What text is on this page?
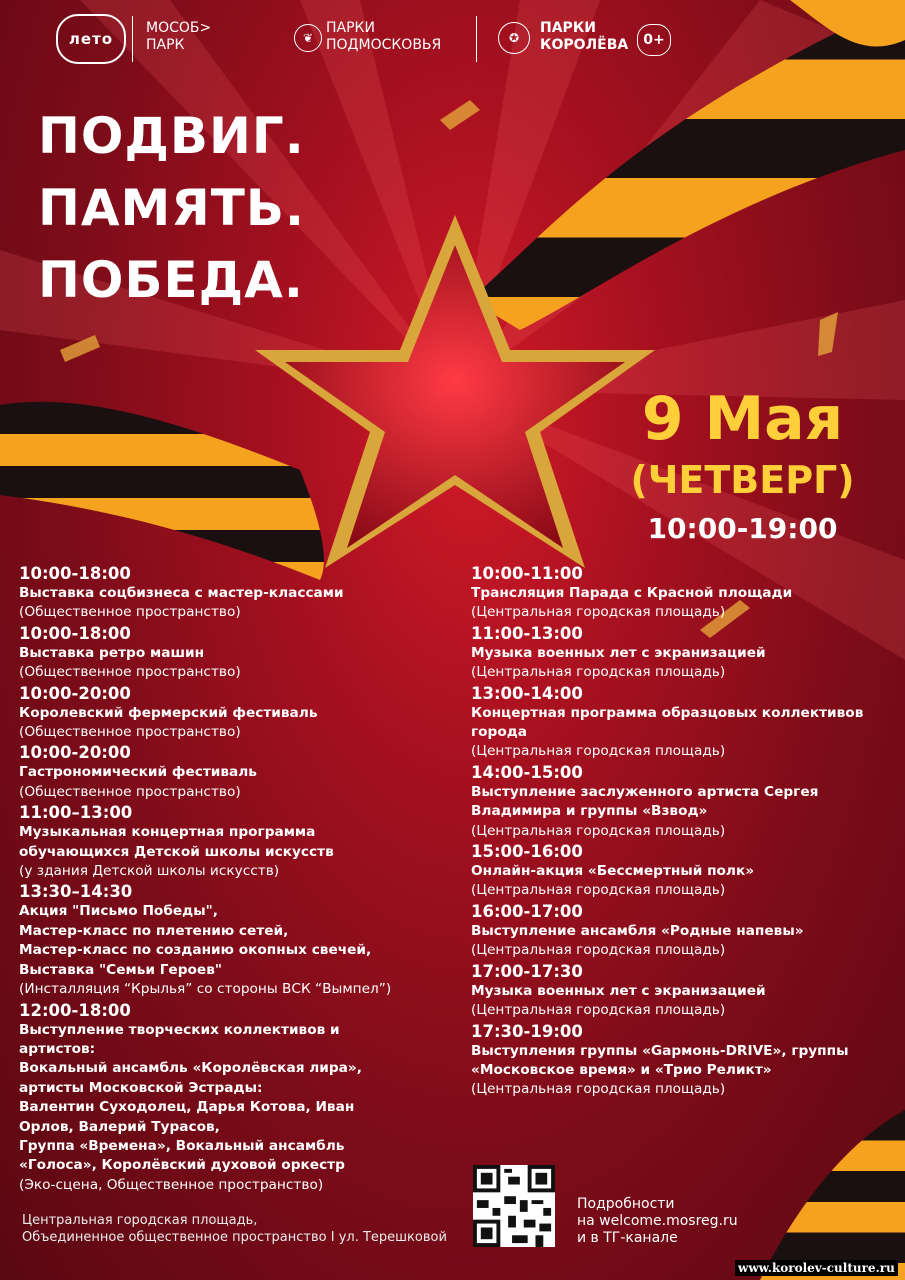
лето
МОСОБ>
ПАРК	❦
ПАРКИ
ПОДМОСКОВЬЯ	✪
ПАРКИ
КОРОЛЁВА	0+
ПОДВИГ.
ПАМЯТЬ.
ПОБЕДА.
9 Мая
(ЧЕТВЕРГ)
10:00-19:00
10:00-18:00
Выставка соцбизнеса с мастер-классами
(Общественное пространство)
10:00-18:00
Выставка ретро машин
(Общественное пространство)
10:00-20:00
Королевский фермерский фестиваль
(Общественное пространство)
10:00-20:00
Гастрономический фестиваль
(Общественное пространство)
11:00–13:00
Музыкальная концертная программа
обучающихся Детской школы искусств
(у здания Детской школы искусств)
13:30–14:30
Акция "Письмо Победы",
Мастер-класс по плетению сетей,
Мастер-класс по созданию окопных свечей,
Выставка "Семьи Героев"
(Инсталляция “Крылья” со стороны ВСК “Вымпел”)
12:00-18:00
Выступление творческих коллективов и
артистов:
Вокальный ансамбль «Королёвская лира»,
артисты Московской Эстрады:
Валентин Суходолец, Дарья Котова, Иван
Орлов, Валерий Турасов,
Группа «Времена», Вокальный ансамбль
«Голоса», Королёвский духовой оркестр
(Эко-сцена, Общественное пространство)
10:00-11:00
Трансляция Парада с Красной площади
(Центральная городская площадь)
11:00-13:00
Музыка военных лет с экранизацией
(Центральная городская площадь)
13:00-14:00
Концертная программа образцовых коллективов
города
(Центральная городская площадь)
14:00-15:00
Выступление заслуженного артиста Сергея
Владимира и группы «Взвод»
(Центральная городская площадь)
15:00-16:00
Онлайн-акция «Бессмертный полк»
(Центральная городская площадь)
16:00-17:00
Выступление ансамбля «Родные напевы»
(Центральная городская площадь)
17:00-17:30
Музыка военных лет с экранизацией
(Центральная городская площадь)
17:30-19:00
Выступления группы «Gармонь-DRIVE», группы
«Московское время» и «Трио Реликт»
(Центральная городская площадь)
Центральная городская площадь,
Объединенное общественное пространство I ул. Терешковой
Подробности
на welcome.mosreg.ru
и в ТГ-канале
www.korolev-culture.ru
